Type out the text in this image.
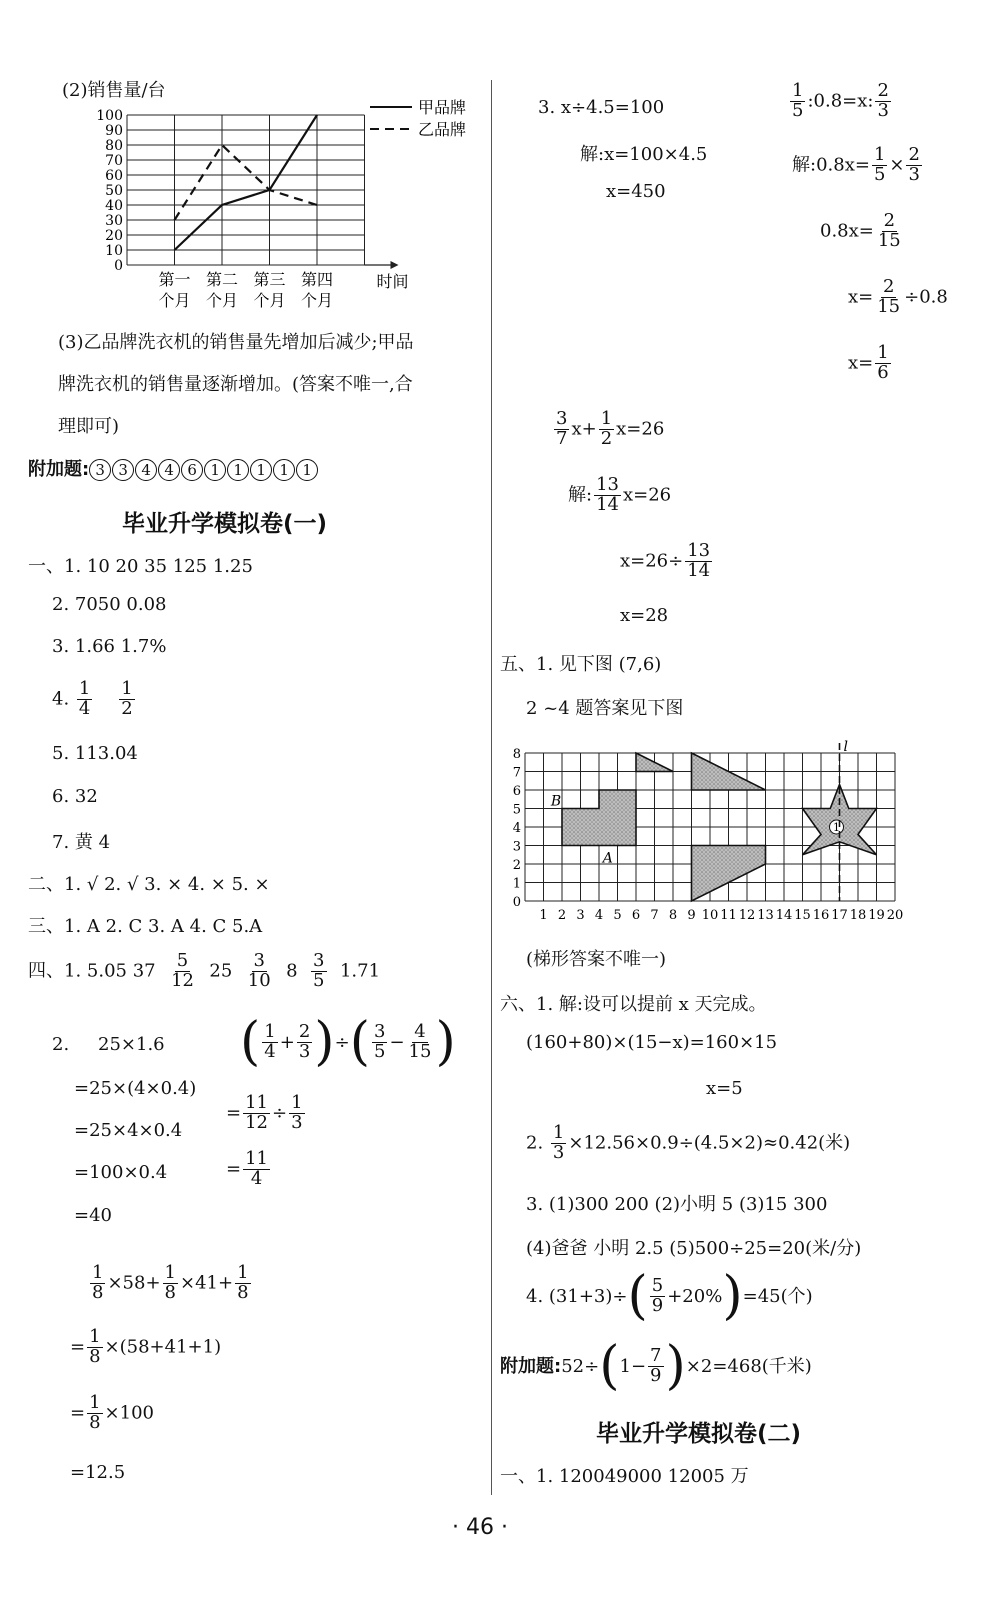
(2)销售量/台
0
10
20
30
40
50
60
70
80
90
100
时间
第一
个月
第二
个月
第三
个月
第四
个月
甲品牌
乙品牌
(3)乙品牌洗衣机的销售量先增加后减少;甲品
牌洗衣机的销售量逐渐增加。(答案不唯一,合
理即可)
附加题: 3 3 4 4 6 1 1 1 1 1
毕业升学模拟卷(一)
一、1. 10 20 35 125 1.25
2. 7050 0.08
3. 1.66 1.7%
4. $\frac{1}{4}$
$\frac{1}{2}$
5. 113.04
6. 32
7. 黄 4
二、1. √ 2. √ 3. × 4. × 5. ×
三、1. A 2. C 3. A 4. C 5.A
四、1. 5.05 $37 \frac{5}{12} 25 \frac{3}{10} 8 \frac{3}{5} 1.71$
2. 25×1.6
=25×(4×0.4)
=25×4×0.4
=100×0.4
=40
( $\frac{1}{4} + \frac{2}{3}$ )÷( $\frac{3}{5} - \frac{4}{15}$ )
= $\frac{11}{12} \div \frac{1}{3}$
= $\frac{11}{4}$
$\frac{1}{8} \times 58+ \frac{1}{8} \times 41+ \frac{1}{8}$
= $\frac{1}{8} \times(58+41+1)$
= $\frac{1}{8} \times 100$
=12.5
3. x÷4.5=100
解:x=100×4.5
x=450
$\frac{1}{5}$ :0.8=x: $\frac{2}{3}$
解:0.8x= $\frac{1}{5} \times \frac{2}{3}$
$0.8x= \frac{2}{15}$
$x= \frac{2}{15} \div 0.8$
$x= \frac{1}{6}$
$\frac{3}{7} x+ \frac{1}{2} x=26$
解: $\frac{13}{14} x=26$
$x=26\div \frac{13}{14}$
x=28
五、1. 见下图 (7,6)
2 ~4 题答案见下图
1 2 3 4 5 6 7 8 9 10 11 12 13 14 15 16 17 18 19 20
0
1
2
3
4
5
6
7
8
B
A
1
l
(梯形答案不唯一)
六、1. 解:设可以提前 x 天完成。
(160+80)×(15−x)=160×15
x=5
2. $\frac{1}{3} \times 12.56\times 0.9\div(4.5\times 2)\approx 0.42$(米)
3. (1)300 200 (2)小明 5 (3)15 300
(4)爸爸 小明 2.5 (5)500÷25=20(米/分)
4. $(31+3)\div( \frac{5}{9} +20\%)=45$(个)
附加题:52÷(1− $\frac{7}{9} )\times 2=468$(千米)
毕业升学模拟卷(二)
一、1. 120049000 12005 万
· 46 ·
